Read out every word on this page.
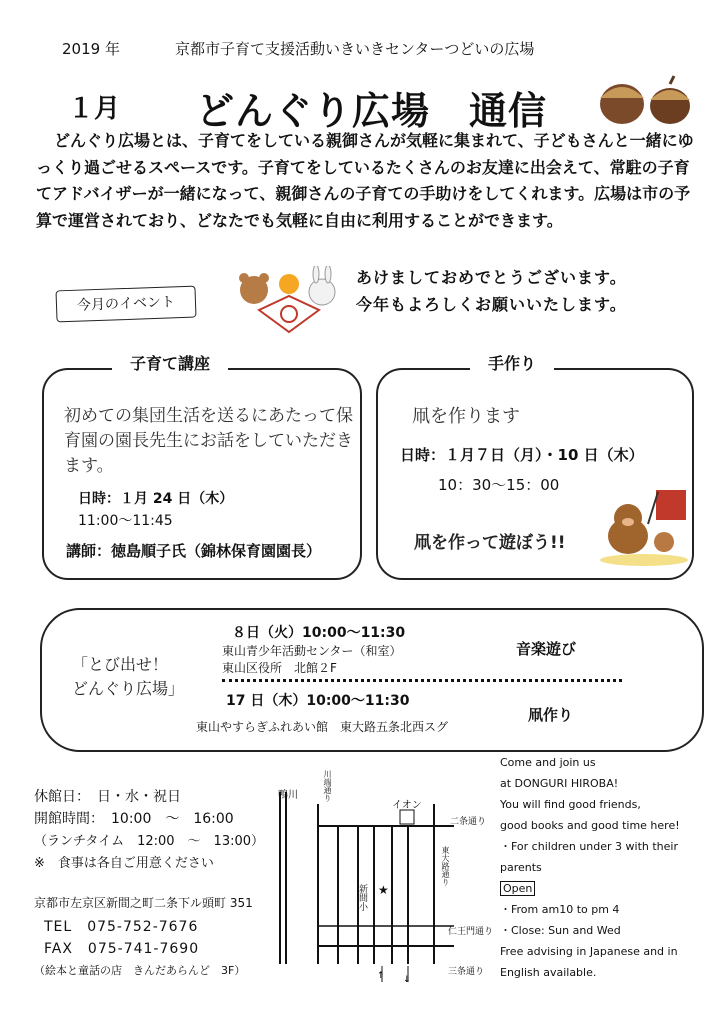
2019 年	京都市子育て支援活動いきいきセンターつどいの広場
１月 どんぐり広場　通信
どんぐり広場とは、子育てをしている親御さんが気軽に集まれて、子どもさんと一緒にゆっくり過ごせるスペースです。子育てをしているたくさんのお友達に出会えて、常駐の子育てアドバイザーが一緒になって、親御さんの子育ての手助けをしてくれます。広場は市の予算で運営されており、どなたでも気軽に自由に利用することができます。
今月のイベント
あけましておめでとうございます。
今年もよろしくお願いいたします。
子育て講座
初めての集団生活を送るにあたって保育園の園長先生にお話をしていただきます。
日時：１月 24 日（木）
11:00〜11:45
講師：徳島順子氏（錦林保育園園長）
手作り
凧を作ります
日時：１月７日（月）・10 日（木）
10：30〜15：00
凧を作って遊ぼう!!
「とび出せ！
どんぐり広場」
８日（火）10:00〜11:30
東山青少年活動センター（和室）
東山区役所　北館２F
音楽遊び
17 日（木）10:00〜11:30
東山やすらぎふれあい館　東大路五条北西スグ
凧作り
休館日：　日・水・祝日
開館時間：　10:00　〜　16:00
（ランチタイム　12:00　〜　13:00）
※　食事は各自ご用意ください
京都市左京区新間之町二条下ル頭町 351
TEL　075-752-7676
FAX　075-741-7690
（絵本と童話の店　きんだあらんど　3F）
★
↑ ↓
鴨川	川端通り
イオン
二条通り
東大路通り
新間小
仁王門通り
三条通り
Come and join us
at DONGURI HIROBA!
You will find good friends,
good books and good time here!
・For children under 3 with their parents
Open
・From am10 to pm 4
・Close: Sun and Wed
Free advising in Japanese and in English available.
